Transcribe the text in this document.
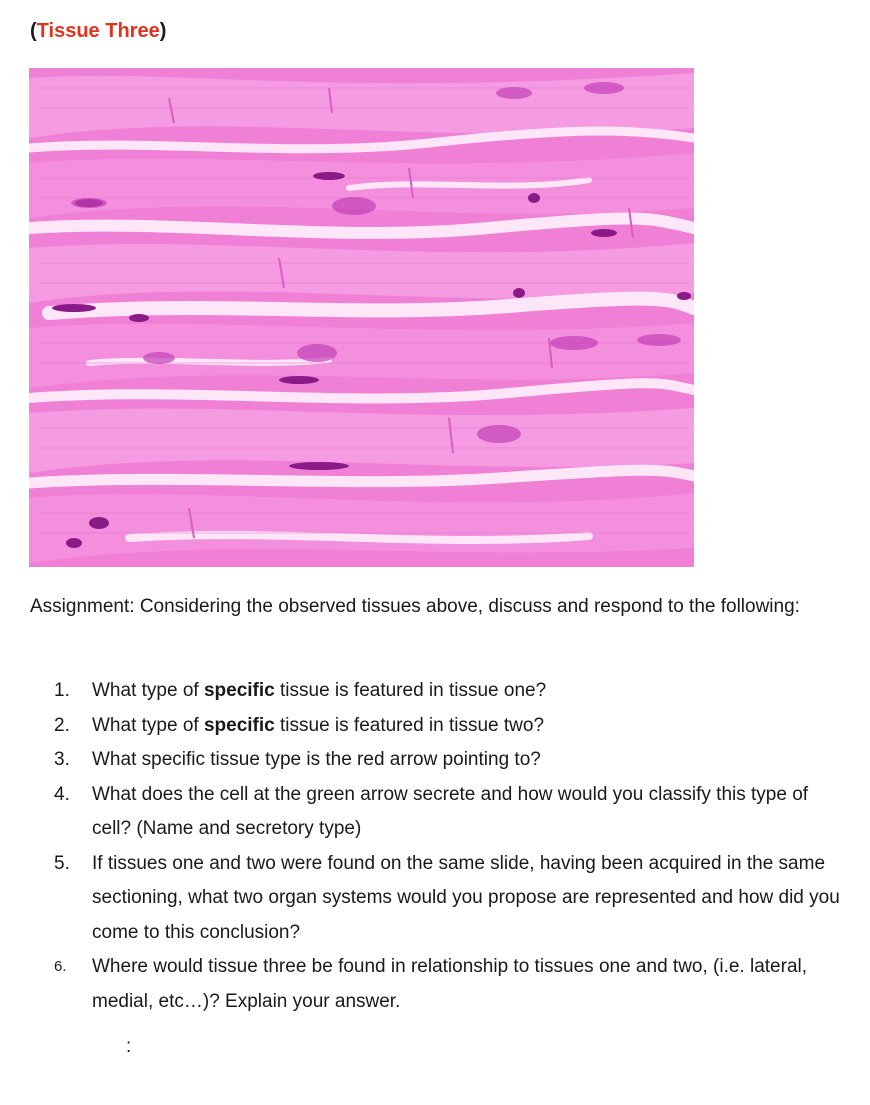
(Tissue Three)
Assignment: Considering the observed tissues above, discuss and respond to the following:
1.	What type of specific tissue is featured in tissue one?
2.	What type of specific tissue is featured in tissue two?
3.	What specific tissue type is the red arrow pointing to?
4.	What does the cell at the green arrow secrete and how would you classify this type of cell? (Name and secretory type)
5.	If tissues one and two were found on the same slide, having been acquired in the same sectioning, what two organ systems would you propose are represented and how did you come to this conclusion?
6.	Where would tissue three be found in relationship to tissues one and two, (i.e. lateral, medial, etc…)? Explain your answer.
:
